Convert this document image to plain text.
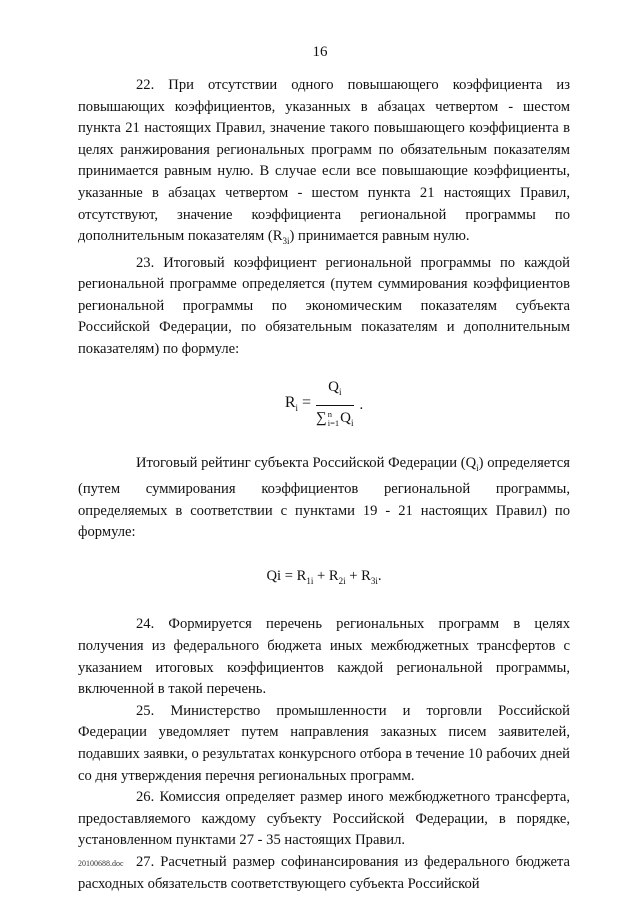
16

22. При отсутствии одного повышающего коэффициента из повышающих коэффициентов, указанных в абзацах четвертом - шестом пункта 21 настоящих Правил, значение такого повышающего коэффициента в целях ранжирования региональных программ по обязательным показателям принимается равным нулю. В случае если все повышающие коэффициенты, указанные в абзацах четвертом - шестом пункта 21 настоящих Правил, отсутствуют, значение коэффициента региональной программы по дополнительным показателям $(R_{3i})$ принимается равным нулю.

23. Итоговый коэффициент региональной программы по каждой региональной программе определяется (путем суммирования коэффициентов региональной программы по экономическим показателям субъекта Российской Федерации, по обязательным показателям и дополнительным показателям) по формуле:

$R_i = Q_i$
∑ n
i=1 $Q_i$ .

Итоговый рейтинг субъекта Российской Федерации $(Q_i)$ определяется (путем суммирования коэффициентов региональной программы, определяемых в соответствии с пунктами 19 - 21 настоящих Правил) по формуле:

$Qi = R_{1i} + R_{2i} + R_{3i}$.

24. Формируется перечень региональных программ в целях получения из федерального бюджета иных межбюджетных трансфертов с указанием итоговых коэффициентов каждой региональной программы, включенной в такой перечень.

25. Министерство промышленности и торговли Российской Федерации уведомляет путем направления заказных писем заявителей, подавших заявки, о результатах конкурсного отбора в течение 10 рабочих дней со дня утверждения перечня региональных программ.

26. Комиссия определяет размер иного межбюджетного трансферта, предоставляемого каждому субъекту Российской Федерации, в порядке, установленном пунктами 27 - 35 настоящих Правил.

27. Расчетный размер софинансирования из федерального бюджета расходных обязательств соответствующего субъекта Российской

2010068​8.doc
